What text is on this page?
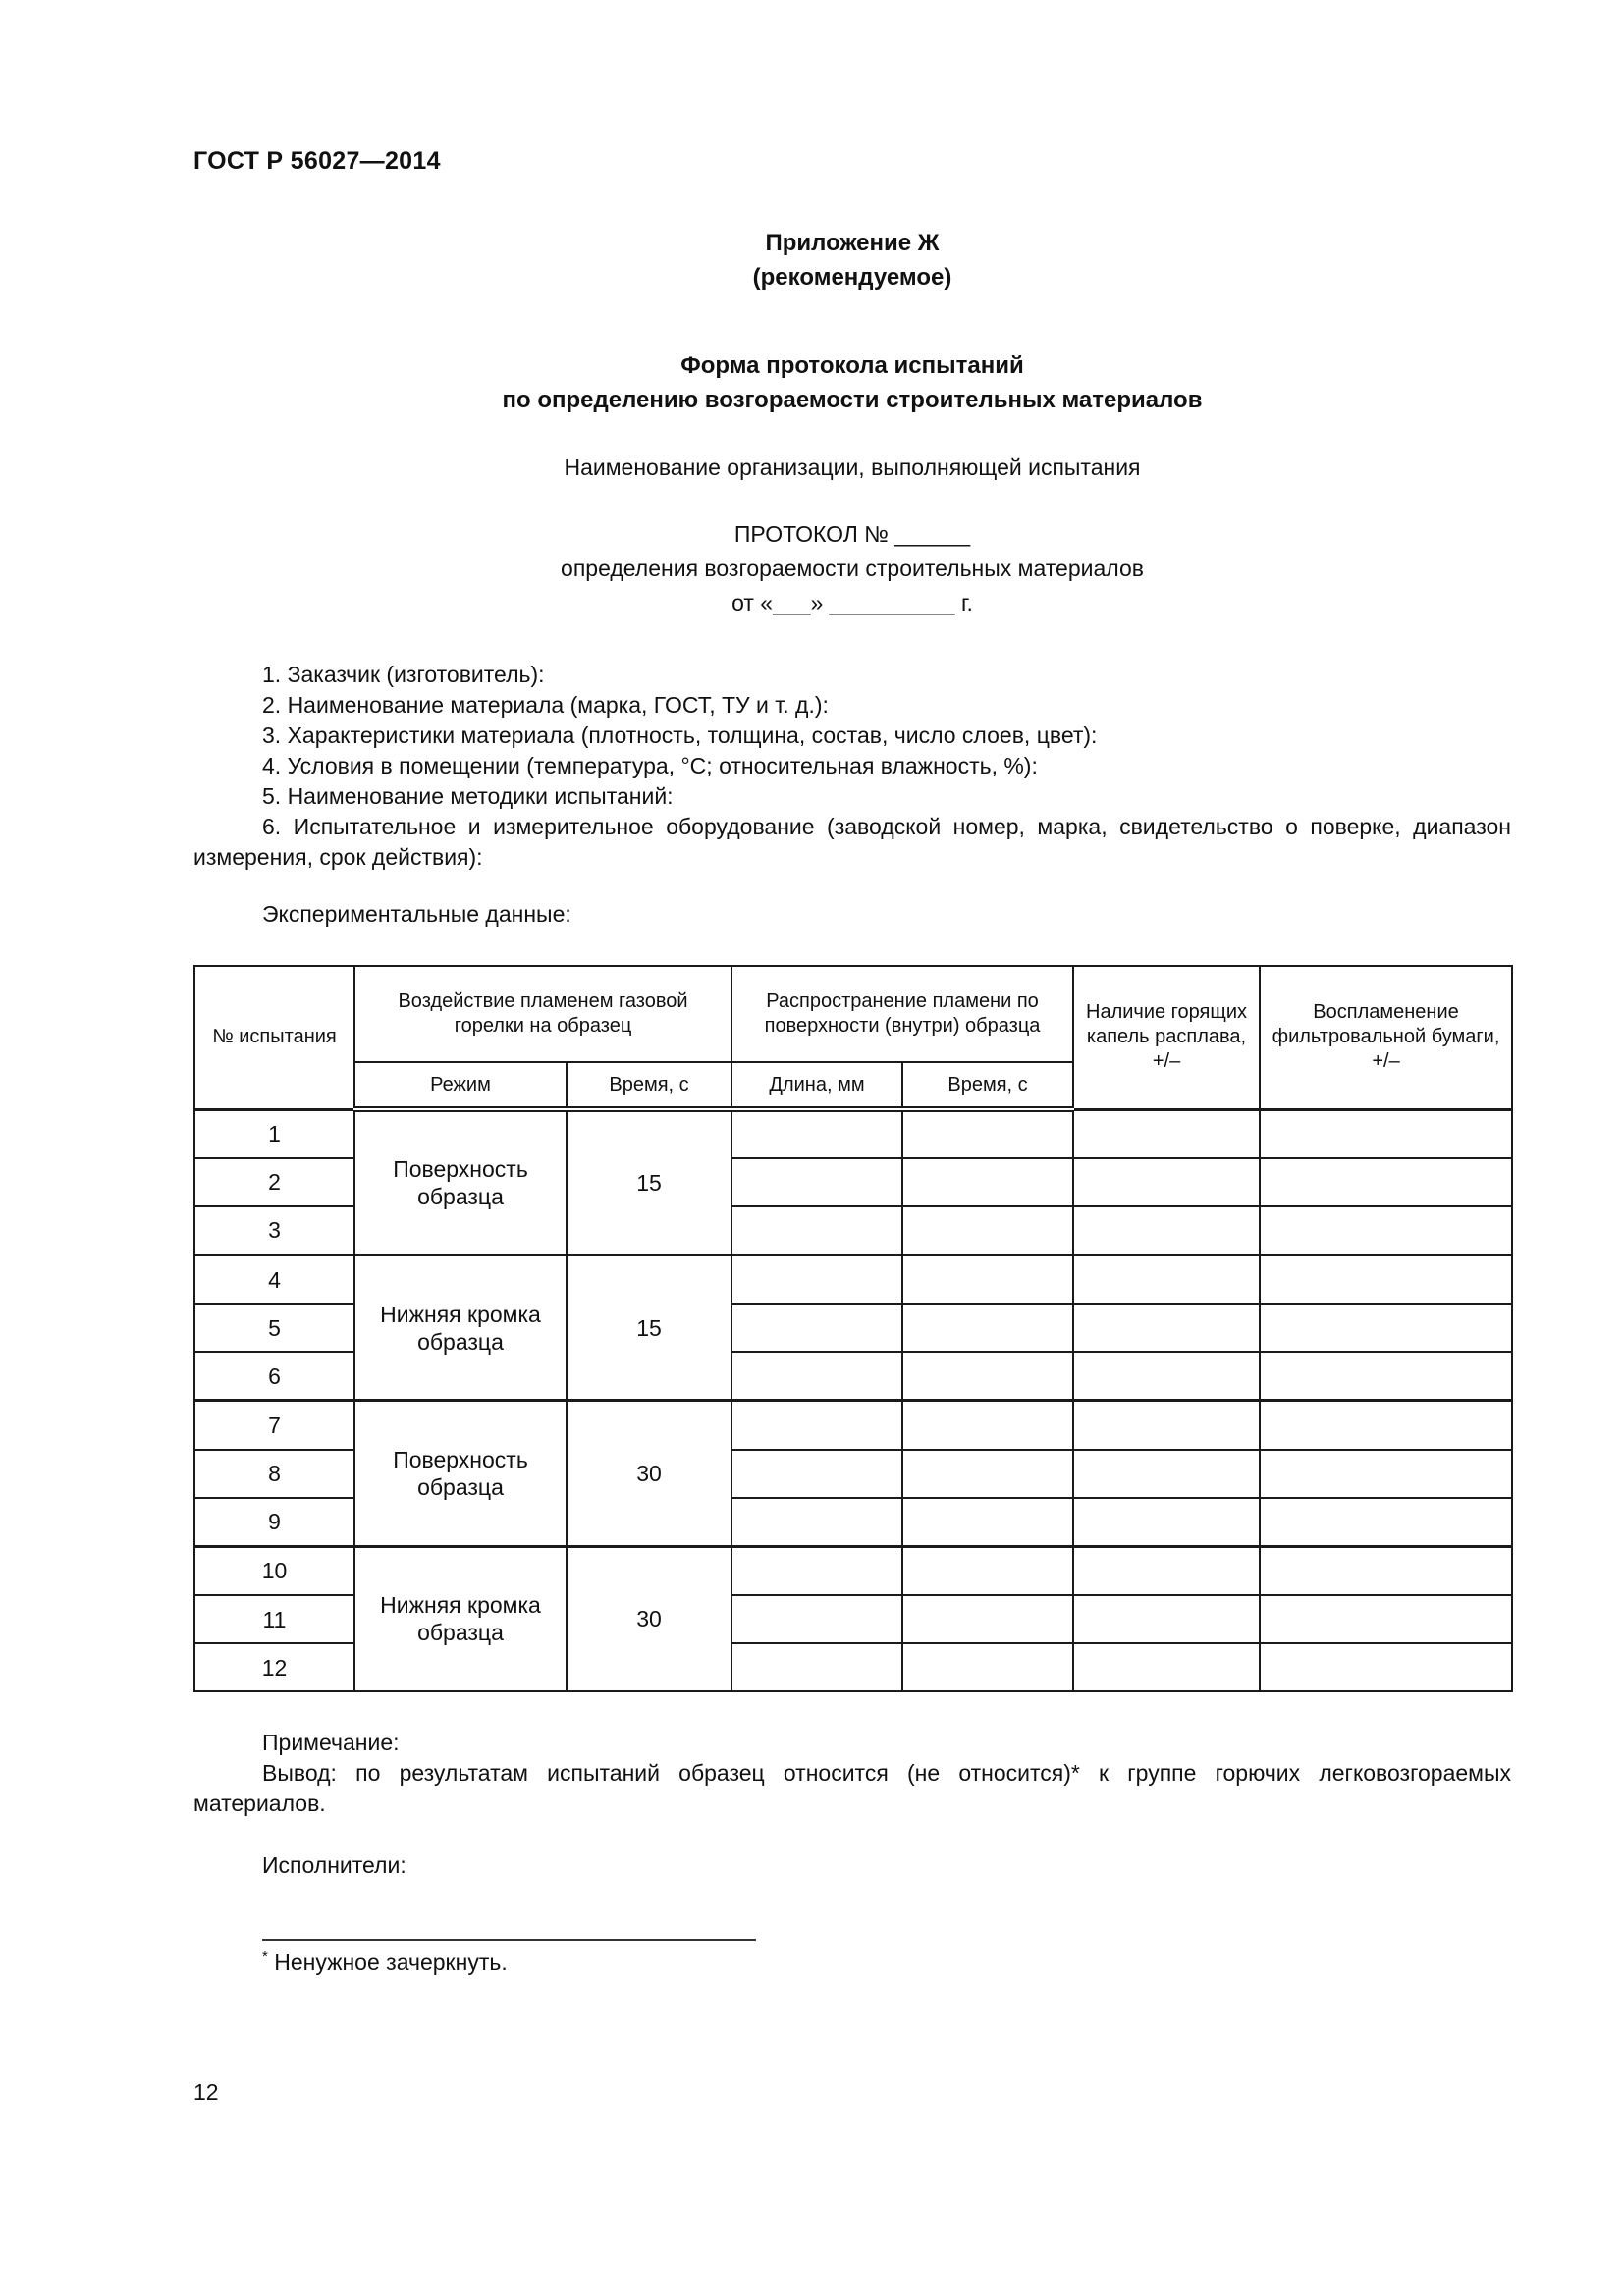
ГОСТ Р 56027—2014
Приложение Ж
(рекомендуемое)
Форма протокола испытаний
по определению возгораемости строительных материалов
Наименование организации, выполняющей испытания
ПРОТОКОЛ № ______
определения возгораемости строительных материалов
от «___» __________ г.

1. Заказчик (изготовитель):

2. Наименование материала (марка, ГОСТ, ТУ и т. д.):

3. Характеристики материала (плотность, толщина, состав, число слоев, цвет):

4. Условия в помещении (температура, °С; относительная влажность, %):

5. Наименование методики испытаний:

6. Испытательное и измерительное оборудование (заводской номер, марка, свидетельство о поверке, диапазон измерения, срок действия):

Экспериментальные данные:
№ испытания	Воздействие пламенем газовой горелки на образец		Распространение пламени по поверхности (внутри) образца		Наличие горящих капель расплава, +/–	Воспламенение фильтровальной бумаги, +/–
	Режим	Время, с	Длина, мм	Время, с		
1	Поверхность образца	15				
2						
3						
4	Нижняя кромка образца	15				
5						
6						
7	Поверхность образца	30				
8						
9						
10	Нижняя кромка образца	30				
11						
12						

Примечание:

Вывод: по результатам испытаний образец относится (не относится)* к группе горючих легковозгораемых материалов.

Исполнители:
* Ненужное зачеркнуть.
12
